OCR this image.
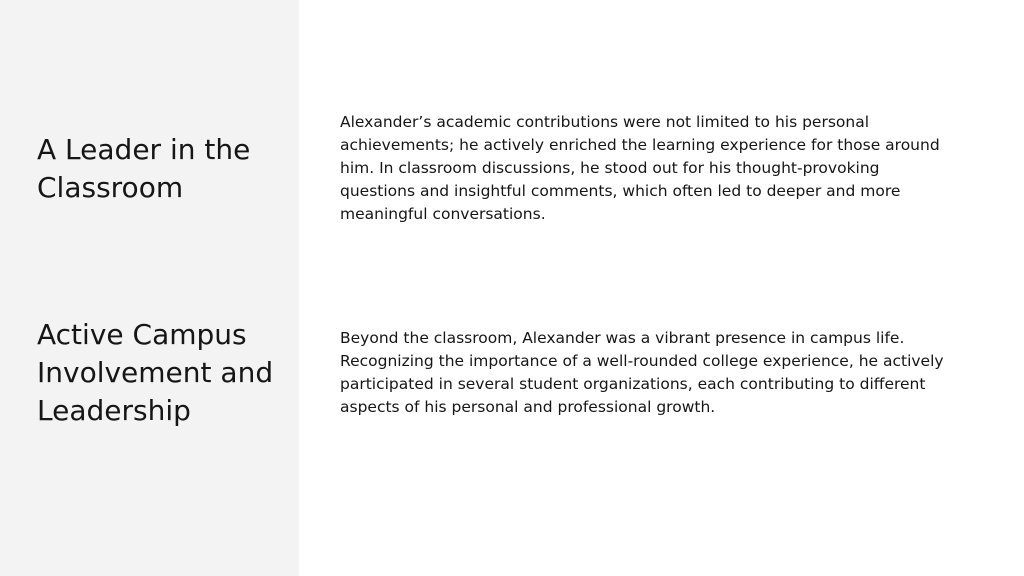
A Leader in the
Classroom

Alexander’s academic contributions were not limited to his personal
achievements; he actively enriched the learning experience for those around
him. In classroom discussions, he stood out for his thought-provoking
questions and insightful comments, which often led to deeper and more
meaningful conversations.

Active Campus
Involvement and
Leadership

Beyond the classroom, Alexander was a vibrant presence in campus life.
Recognizing the importance of a well-rounded college experience, he actively
participated in several student organizations, each contributing to different
aspects of his personal and professional growth.
